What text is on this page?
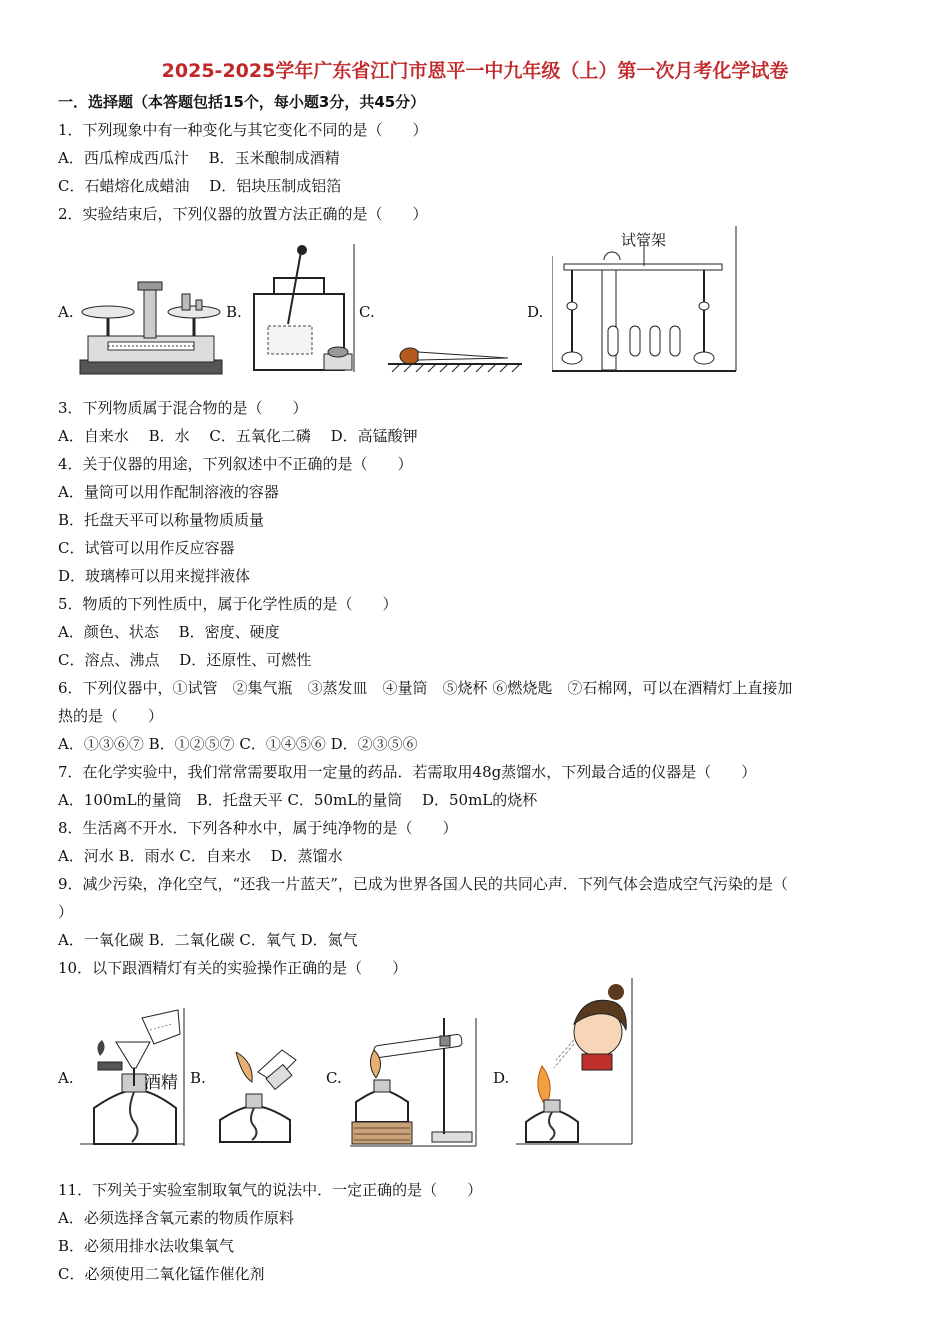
2025-2025学年广东省江门市恩平一中九年级（上）第一次月考化学试卷
一．选择题（本答题包括15个，每小题3分，共45分）
1．下列现象中有一种变化与其它变化不同的是（　　）
A．西瓜榨成西瓜汁　 B．玉米酿制成酒精
C．石蜡熔化成蜡油　 D．铝块压制成铝箔
2．实验结束后，下列仪器的放置方法正确的是（　　）
A.	B.	C.	D.
试管架
3．下列物质属于混合物的是（　　）
A．自来水　 B．水　 C．五氧化二磷　 D．高锰酸钾
4．关于仪器的用途，下列叙述中不正确的是（　　）
A．量筒可以用作配制溶液的容器
B．托盘天平可以称量物质质量
C．试管可以用作反应容器
D．玻璃棒可以用来搅拌液体
5．物质的下列性质中，属于化学性质的是（　　）
A．颜色、状态　 B．密度、硬度
C．溶点、沸点　 D．还原性、可燃性
6．下列仪器中，①试管　②集气瓶　③蒸发皿　④量筒　⑤烧杯 ⑥燃烧匙　⑦石棉网，可以在酒精灯上直接加
热的是（　　）
A．①③⑥⑦ B．①②⑤⑦ C．①④⑤⑥ D．②③⑤⑥
7．在化学实验中，我们常常需要取用一定量的药品．若需取用48g蒸馏水，下列最合适的仪器是（　　）
A．100mL的量筒　B．托盘天平 C．50mL的量筒　 D．50mL的烧杯
8．生活离不开水．下列各种水中，属于纯净物的是（　　）
A．河水 B．雨水 C．自来水　 D．蒸馏水
9．减少污染，净化空气，“还我一片蓝天”，已成为世界各国人民的共同心声．下列气体会造成空气污染的是（
）
A．一氧化碳 B．二氧化碳 C．氧气 D．氮气
10．以下跟酒精灯有关的实验操作正确的是（　　）
A.	B.	C.	D.
酒精
11．下列关于实验室制取氧气的说法中．一定正确的是（　　）
A．必须选择含氧元素的物质作原料
B．必须用排水法收集氧气
C．必须使用二氧化锰作催化剂
